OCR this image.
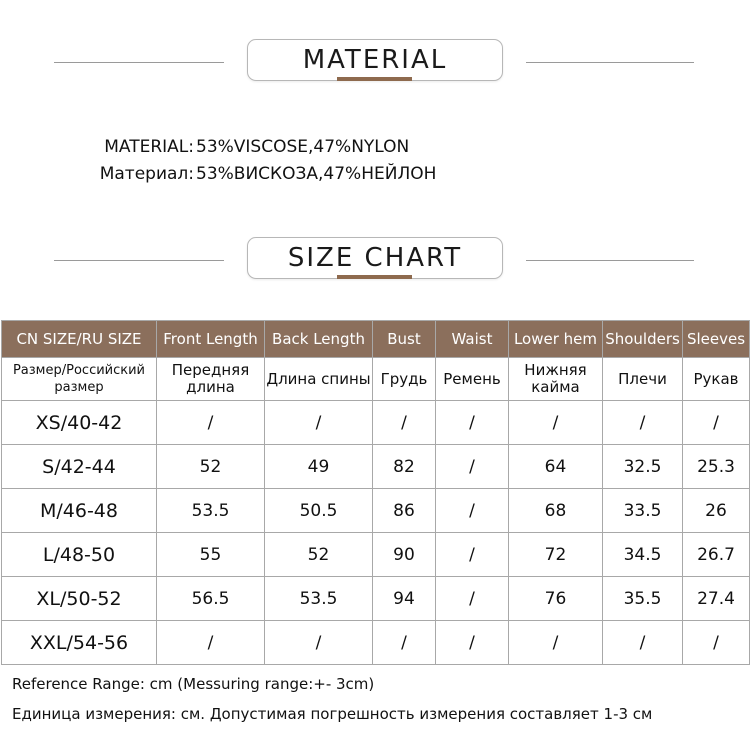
MATERIAL
MATERIAL: 53%VISCOSE,47%NYLON
Материал: 53%ВИСКОЗА,47%НЕЙЛОН
SIZE CHART
CN SIZE/RU SIZE	Front Length	Back Length	Bust	Waist	Lower hem	Shoulders	Sleeves
Размер/Российский размер	Передняя длина	Длина спины	Грудь	Ремень	Нижняя кайма	Плечи	Рукав
XS/40-42	/	/	/	/	/	/	/
S/42-44	52	49	82	/	64	32.5	25.3
M/46-48	53.5	50.5	86	/	68	33.5	26
L/48-50	55	52	90	/	72	34.5	26.7
XL/50-52	56.5	53.5	94	/	76	35.5	27.4
XXL/54-56	/	/	/	/	/	/	/
Reference Range: cm (Messuring range:+- 3cm)
Единица измерения: см. Допустимая погрешность измерения составляет 1-3 см
